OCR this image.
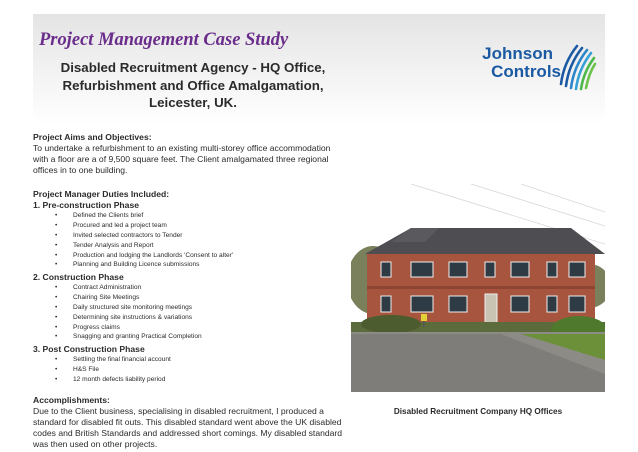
Project Management Case Study
Disabled Recruitment Agency - HQ Office,
Refurbishment and Office Amalgamation,
Leicester, UK.
Johnson
Controls
Project Aims and Objectives:
To undertake a refurbishment to an existing multi-storey office accommodation
with a floor are a of 9,500 square feet. The Client amalgamated three regional
offices in to one building.
Project Manager Duties Included:
1. Pre-construction Phase
• Defined the Clients brief
• Procured and led a project team
• Invited selected contractors to Tender
• Tender Analysis and Report
• Production and lodging the Landlords 'Consent to alter'
• Planning and Building Licence submissions
2. Construction Phase
• Contract Administration
• Chairing Site Meetings
• Daily structured site monitoring meetings
• Determining site instructions & variations
• Progress claims
• Snagging and granting Practical Completion
3. Post Construction Phase
• Settling the final financial account
• H&S File
• 12 month defects liability period
Accomplishments:
Due to the Client business, specialising in disabled recruitment, I produced a
standard for disabled fit outs. This disabled standard went above the UK disabled
codes and British Standards and addressed short comings. My disabled standard
was then used on other projects.
Disabled Recruitment Company HQ Offices
